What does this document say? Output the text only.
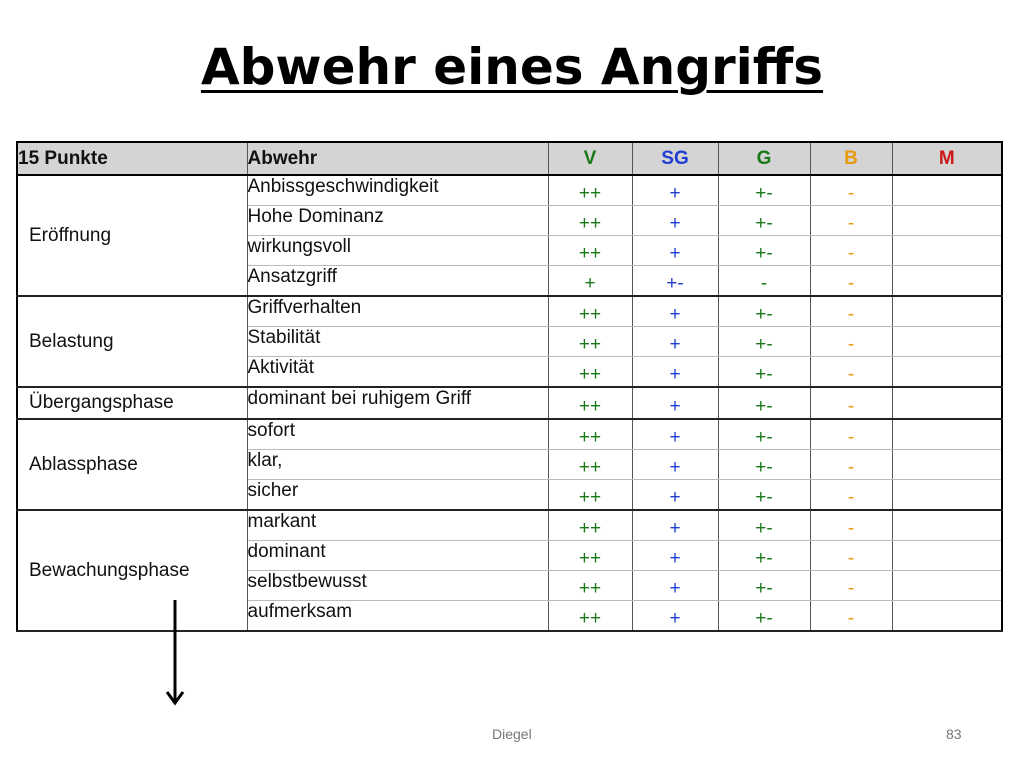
Abwehr eines Angriffs
15 Punkte	Abwehr	V	SG	G	B	M
Eröffnung	Anbissgeschwindigkeit	++	+	+-	-	
	Hohe Dominanz	++	+	+-	-	
	wirkungsvoll	++	+	+-	-	
	Ansatzgriff	+	+-	-	-	
Belastung	Griffverhalten	++	+	+-	-	
	Stabilität	++	+	+-	-	
	Aktivität	++	+	+-	-	
Übergangsphase	dominant bei ruhigem Griff	++	+	+-	-	
Ablassphase	sofort	++	+	+-	-	
	klar,	++	+	+-	-	
	sicher	++	+	+-	-	
Bewachungsphase	markant	++	+	+-	-	
	dominant	++	+	+-	-	
	selbstbewusst	++	+	+-	-	
	aufmerksam	++	+	+-	-	
Diegel	83
